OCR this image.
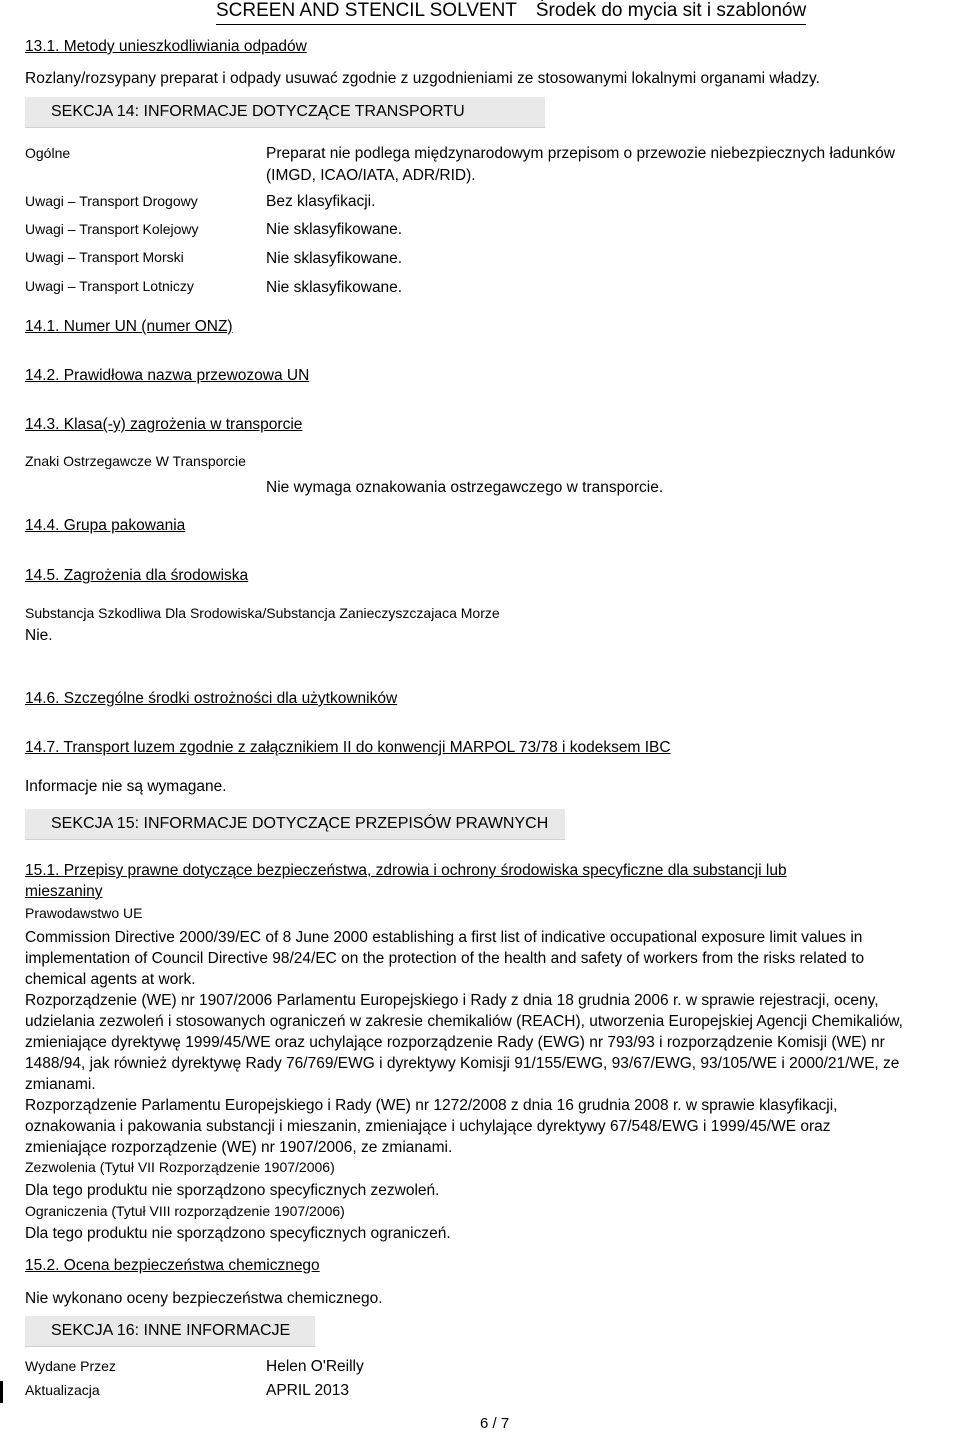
SCREEN AND STENCIL SOLVENT Środek do mycia sit i szablonów
13.1. Metody unieszkodliwiania odpadów
Rozlany/rozsypany preparat i odpady usuwać zgodnie z uzgodnieniami ze stosowanymi lokalnymi organami władzy.
SEKCJA 14: INFORMACJE DOTYCZĄCE TRANSPORTU
Ogólne	Preparat nie podlega międzynarodowym przepisom o przewozie niebezpiecznych ładunków
(IMGD, ICAO/IATA, ADR/RID).
Uwagi – Transport Drogowy	Bez klasyfikacji.
Uwagi – Transport Kolejowy	Nie sklasyfikowane.
Uwagi – Transport Morski	Nie sklasyfikowane.
Uwagi – Transport Lotniczy	Nie sklasyfikowane.
14.1. Numer UN (numer ONZ)
14.2. Prawidłowa nazwa przewozowa UN
14.3. Klasa(-y) zagrożenia w transporcie
Znaki Ostrzegawcze W Transporcie
Nie wymaga oznakowania ostrzegawczego w transporcie.
14.4. Grupa pakowania
14.5. Zagrożenia dla środowiska
Substancja Szkodliwa Dla Srodowiska/Substancja Zanieczyszczajaca Morze
Nie.
14.6. Szczególne środki ostrożności dla użytkowników
14.7. Transport luzem zgodnie z załącznikiem II do konwencji MARPOL 73/78 i kodeksem IBC
Informacje nie są wymagane.
SEKCJA 15: INFORMACJE DOTYCZĄCE PRZEPISÓW PRAWNYCH
15.1. Przepisy prawne dotyczące bezpieczeństwa, zdrowia i ochrony środowiska specyficzne dla substancji lub
mieszaniny
Prawodawstwo UE
Commission Directive 2000/39/EC of 8 June 2000 establishing a first list of indicative occupational exposure limit values in implementation of Council Directive 98/24/EC on the protection of the health and safety of workers from the risks related to chemical agents at work.
Rozporządzenie (WE) nr 1907/2006 Parlamentu Europejskiego i Rady z dnia 18 grudnia 2006 r. w sprawie rejestracji, oceny, udzielania zezwoleń i stosowanych ograniczeń w zakresie chemikaliów (REACH), utworzenia Europejskiej Agencji Chemikaliów, zmieniające dyrektywę 1999/45/WE oraz uchylające rozporządzenie Rady (EWG) nr 793/93 i rozporządzenie Komisji (WE) nr 1488/94, jak również dyrektywę Rady 76/769/EWG i dyrektywy Komisji 91/155/EWG, 93/67/EWG, 93/105/WE i 2000/21/WE, ze zmianami.
Rozporządzenie Parlamentu Europejskiego i Rady (WE) nr 1272/2008 z dnia 16 grudnia 2008 r. w sprawie klasyfikacji, oznakowania i pakowania substancji i mieszanin, zmieniające i uchylające dyrektywy 67/548/EWG i 1999/45/WE oraz zmieniające rozporządzenie (WE) nr 1907/2006, ze zmianami.
Zezwolenia (Tytuł VII Rozporządzenie 1907/2006)
Dla tego produktu nie sporządzono specyficznych zezwoleń.
Ograniczenia (Tytuł VIII rozporządzenie 1907/2006)
Dla tego produktu nie sporządzono specyficznych ograniczeń.
15.2. Ocena bezpieczeństwa chemicznego
Nie wykonano oceny bezpieczeństwa chemicznego.
SEKCJA 16: INNE INFORMACJE
Wydane Przez	Helen O'Reilly
Aktualizacja	APRIL 2013
6 / 7
